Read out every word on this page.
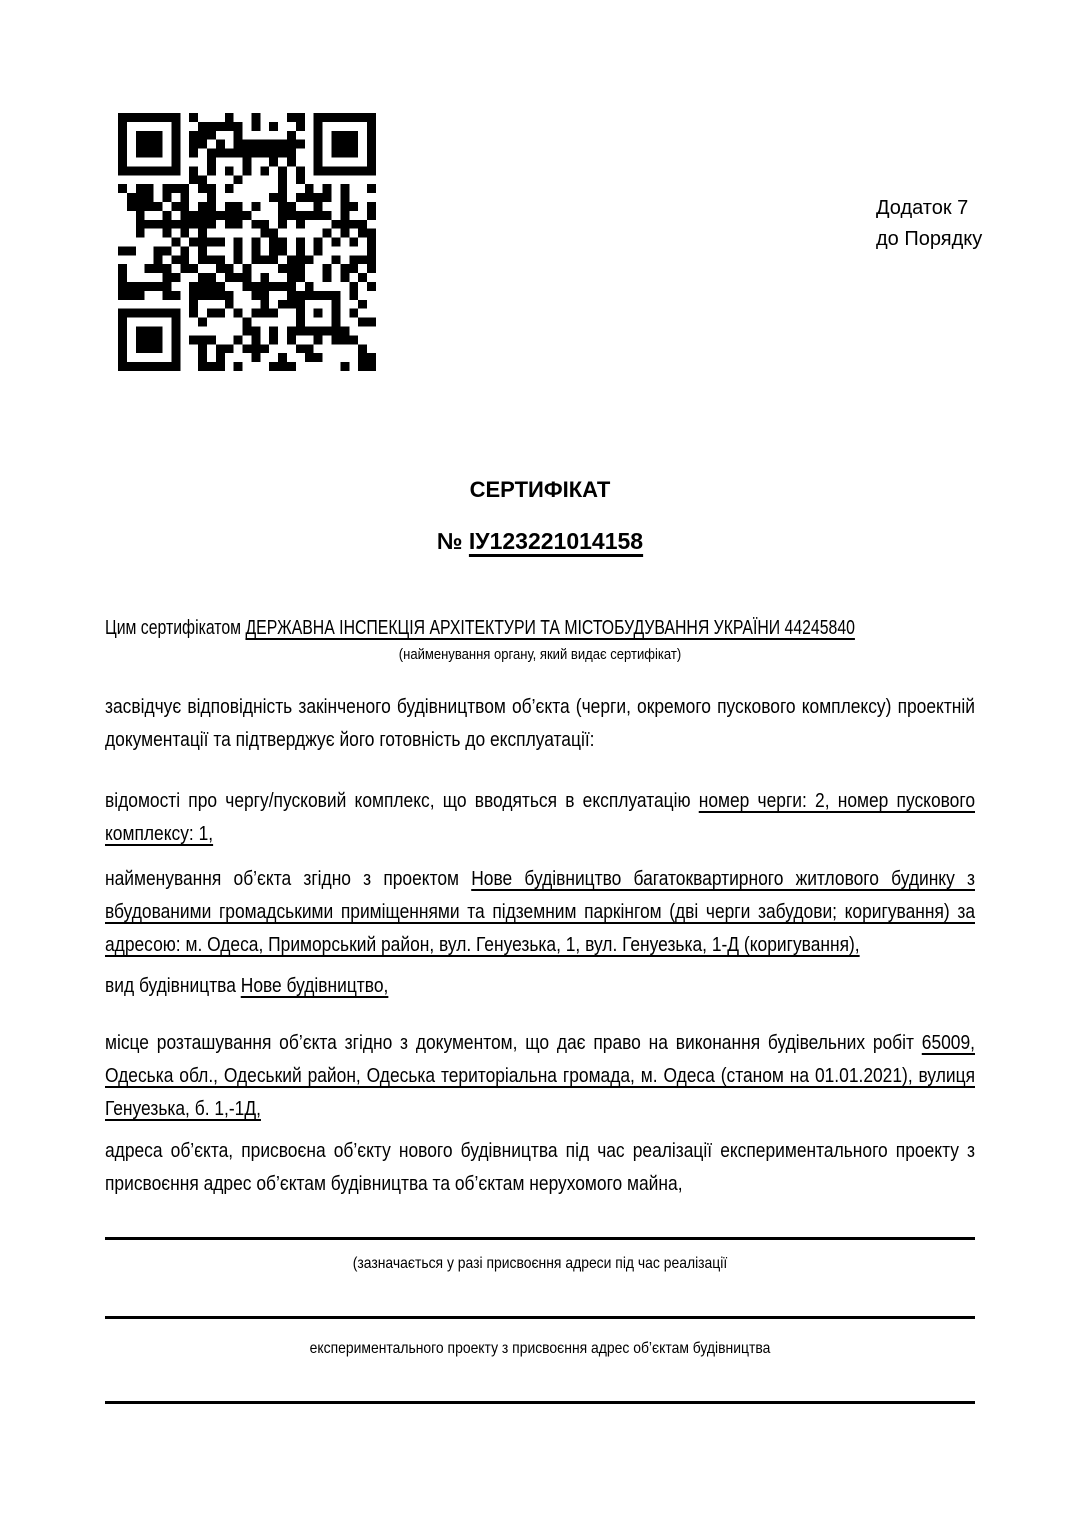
Додаток 7
до Порядку
СЕРТИФІКАТ
№ ІУ123221014158

Цим сертифікатом ДЕРЖАВНА ІНСПЕКЦІЯ АРХІТЕКТУРИ ТА МІСТОБУДУВАННЯ УКРАЇНИ 44245840

(найменування органу, який видає сертифікат)

засвідчує відповідність закінченого будівництвом об’єкта (черги, окремого пускового комплексу) проектній документації та підтверджує його готовність до експлуатації:

відомості про чергу/пусковий комплекс, що вводяться в експлуатацію номер черги: 2, номер пускового комплексу: 1,

найменування об’єкта згідно з проектом Нове будівництво багатоквартирного житлового будинку з вбудованими громадськими приміщеннями та підземним паркінгом (дві черги забудови; коригування) за адресою: м. Одеса, Приморський район, вул. Генуезька, 1, вул. Генуезька, 1-Д (коригування),

вид будівництва Нове будівництво,

місце розташування об’єкта згідно з документом, що дає право на виконання будівельних робіт 65009, Одеська обл., Одеський район, Одеська територіальна громада, м. Одеса (станом на 01.01.2021), вулиця Генуезька, б. 1,-1Д,

адреса об’єкта, присвоєна об’єкту нового будівництва під час реалізації експериментального проекту з присвоєння адрес об’єктам будівництва та об’єктам нерухомого майна,

(зазначається у разі присвоєння адреси під час реалізації
експериментального проекту з присвоєння адрес об’єктам будівництва
